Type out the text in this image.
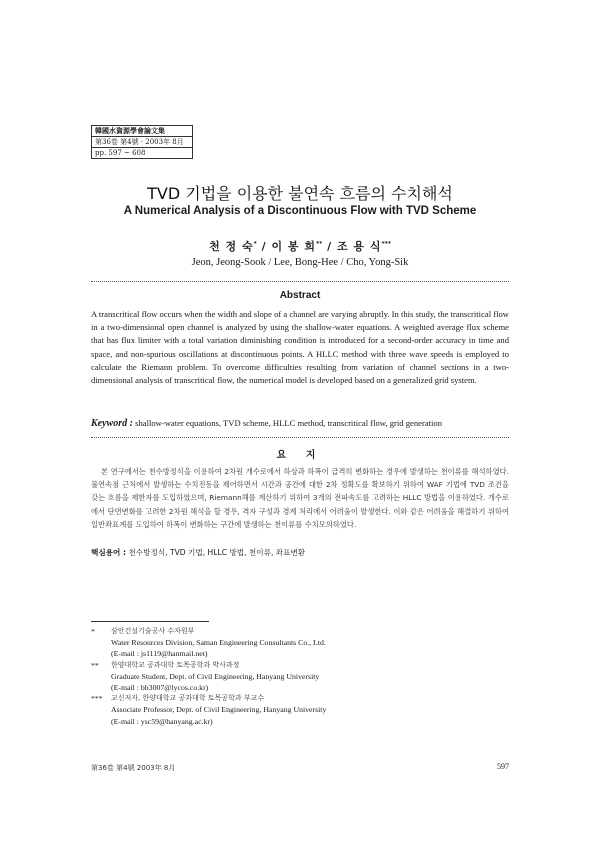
韓國水資源學會論文集
第36卷 第4號 · 2003年 8月
pp. 597 ~ 608
TVD 기법을 이용한 불연속 흐름의 수치해석
A Numerical Analysis of a Discontinuous Flow with TVD Scheme
천 정 숙* / 이 봉 희** / 조 용 식***
Jeon, Jeong-Sook / Lee, Bong-Hee / Cho, Yong-Sik
Abstract

A transcritical flow occurs when the width and slope of a channel are varying abruptly. In this study, the transcritical flow in a two-dimensional open channel is analyzed by using the shallow-water equations. A weighted average flux scheme that has flux limiter with a total variation diminishing condition is introduced for a second-order accuracy in time and space, and non-spurious oscillations at discontinuous points. A HLLC method with three wave speeds is employed to calculate the Riemann problem. To overcome difficulties resulting from variation of channel sections in a two-dimensional analysis of transcritical flow, the numerical model is developed based on a generalized grid system.

Keyword : shallow-water equations, TVD scheme, HLLC method, transcritical flow, grid generation

요 지

본 연구에서는 천수방정식을 이용하여 2차원 개수로에서 하상과 하폭이 급격히 변화하는 경우에 발생하는 천이류를 해석하였다. 불연속점 근처에서 발생하는 수치진동을 제어하면서 시간과 공간에 대한 2차 정확도를 확보하기 위하여 WAF 기법에 TVD 조건을 갖는 흐름을 제한자를 도입하였으며, Riemann해를 계산하기 위하여 3개의 전파속도를 고려하는 HLLC 방법을 이용하였다. 개수로에서 단면변화를 고려한 2차원 해석을 할 경우, 격자 구성과 경계 처리에서 어려움이 발생한다. 이와 같은 어려움을 해결하기 위하여 일반좌표계를 도입하여 하폭이 변화하는 구간에 발생하는 천이류를 수치모의하였다.

핵심용어 : 천수방정식, TVD 기법, HLLC 방법, 천이류, 좌표변환

* 삼안건설기술공사 수자원부
Water Resources Division, Saman Engineering Consultants Co., Ltd.
(E-mail : js1119@hanmail.net)
** 한양대학교 공과대학 토목공학과 박사과정
Graduate Student, Dept. of Civil Engineering, Hanyang University
(E-mail : bh3007@lycos.co.kr)
*** 교신저자, 한양대학교 공과대학 토목공학과 부교수
Associate Professor, Dept. of Civil Engineering, Hanyang University
(E-mail : ysc59@hanyang.ac.kr)
第36卷 第4號 2003年 8月	597
